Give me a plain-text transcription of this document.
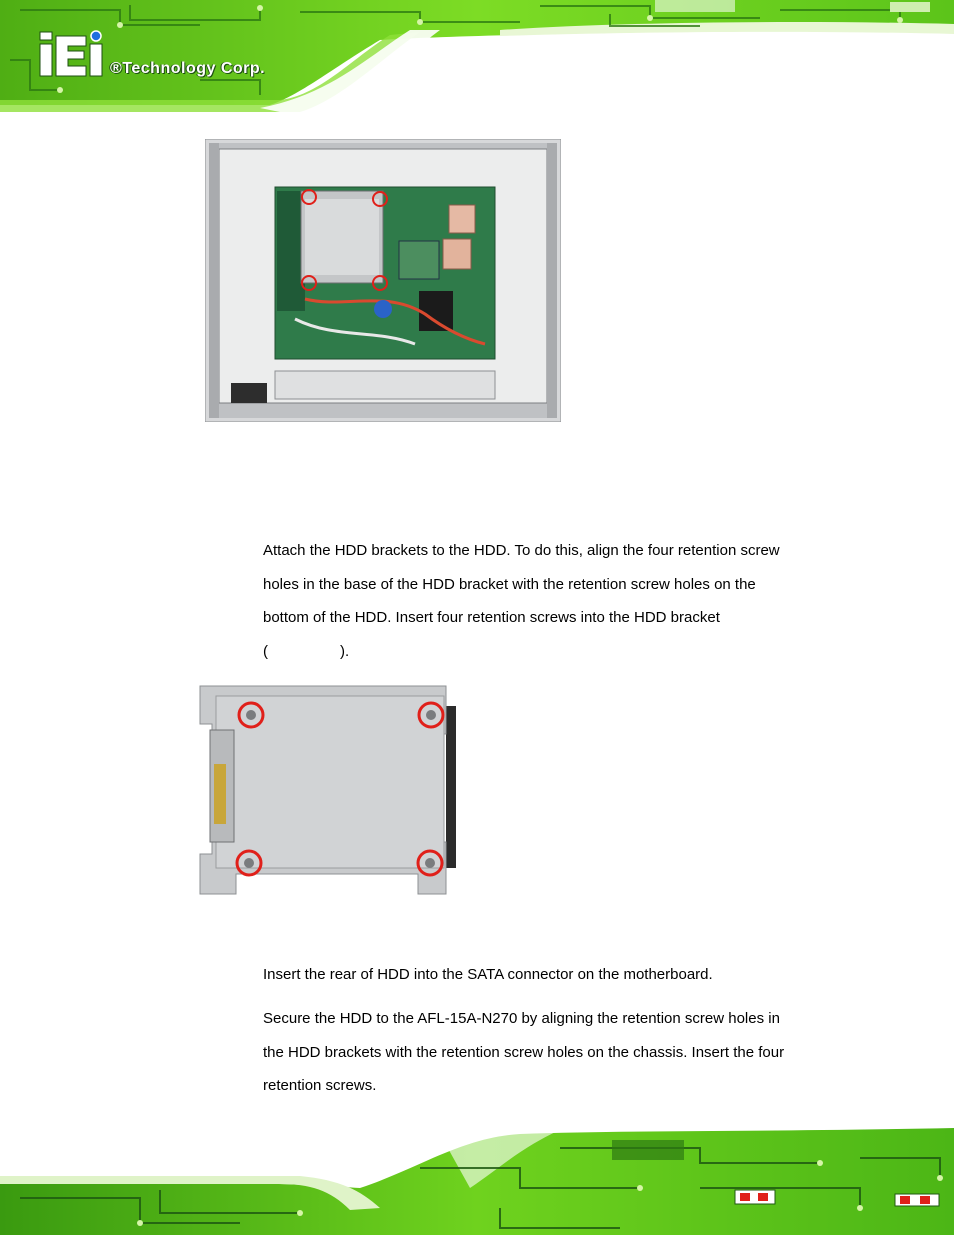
®Technology Corp.
Attach the HDD brackets to the HDD. To do this, align the four retention screw
holes in the base of the HDD bracket with the retention screw holes on the
bottom of the HDD. Insert four retention screws into the HDD bracket
(	).
Insert the rear of HDD into the SATA connector on the motherboard.
Secure the HDD to the AFL-15A-N270 by aligning the retention screw holes in
the HDD brackets with the retention screw holes on the chassis. Insert the four
retention screws.
